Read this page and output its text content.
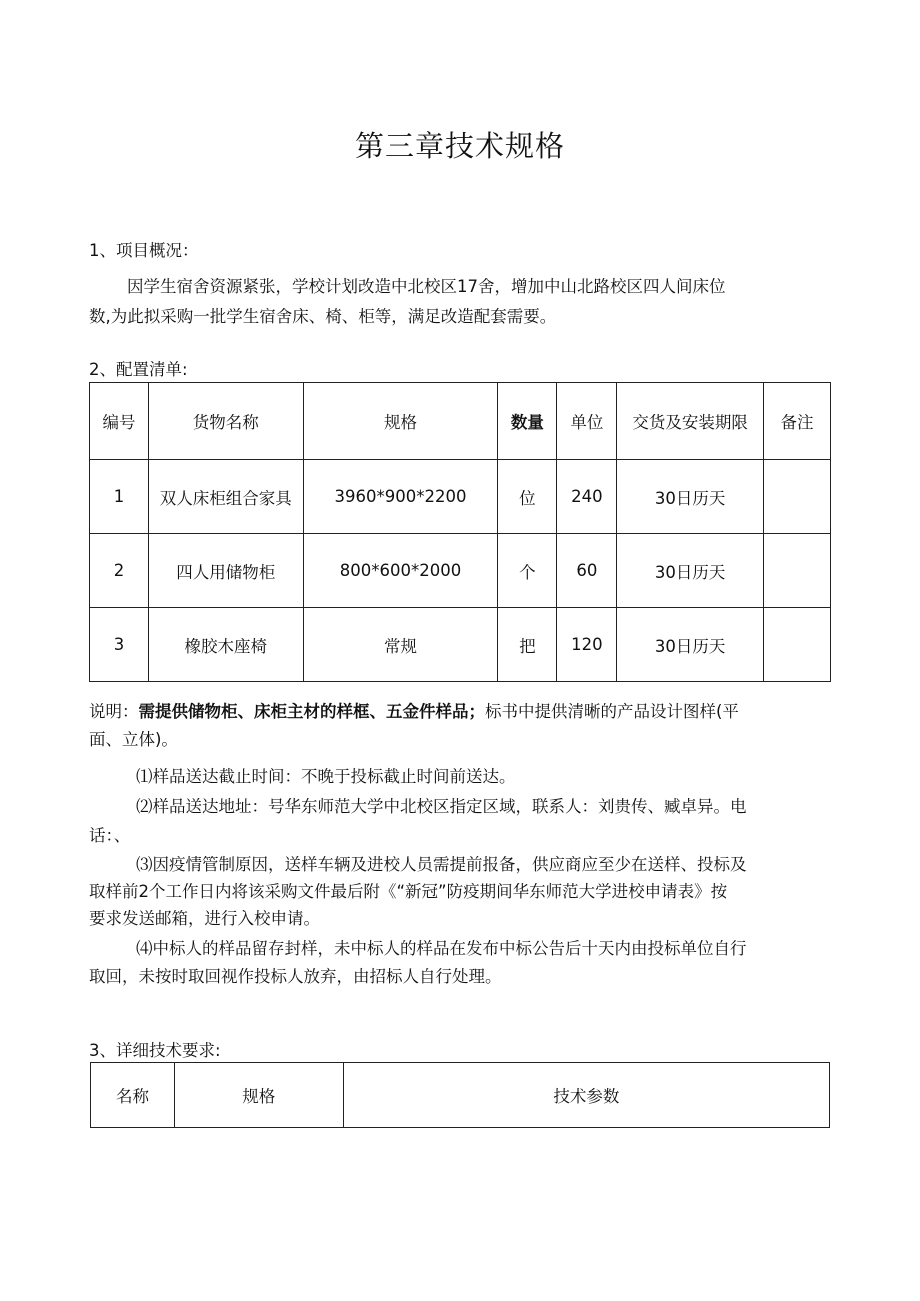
第三章技术规格
1、项目概况：
因学生宿舍资源紧张，学校计划改造中北校区17舍，增加中山北路校区四人间床位
数,为此拟采购一批学生宿舍床、椅、柜等，满足改造配套需要。
2、配置清单:
编号	货物名称	规格	数量	单位	交货及安装期限	备注
1	双人床柜组合家具	3960*900*2200	位	240	30日历天	
2	四人用储物柜	800*600*2000	个	60	30日历天	
3	橡胶木座椅	常规	把	120	30日历天	
说明：需提供储物柜、床柜主材的样框、五金件样品；标书中提供清晰的产品设计图样(平
面、立体)。
⑴样品送达截止时间：不晚于投标截止时间前送达。
⑵样品送达地址：号华东师范大学中北校区指定区域，联系人：刘贵传、臧卓异。电
话：、
⑶因疫情管制原因，送样车辆及进校人员需提前报备，供应商应至少在送样、投标及
取样前2个工作日内将该采购文件最后附《“新冠”防疫期间华东师范大学进校申请表》按
要求发送邮箱，进行入校申请。
⑷中标人的样品留存封样，未中标人的样品在发布中标公告后十天内由投标单位自行
取回，未按时取回视作投标人放弃，由招标人自行处理。
3、详细技术要求:
名称	规格	技术参数
